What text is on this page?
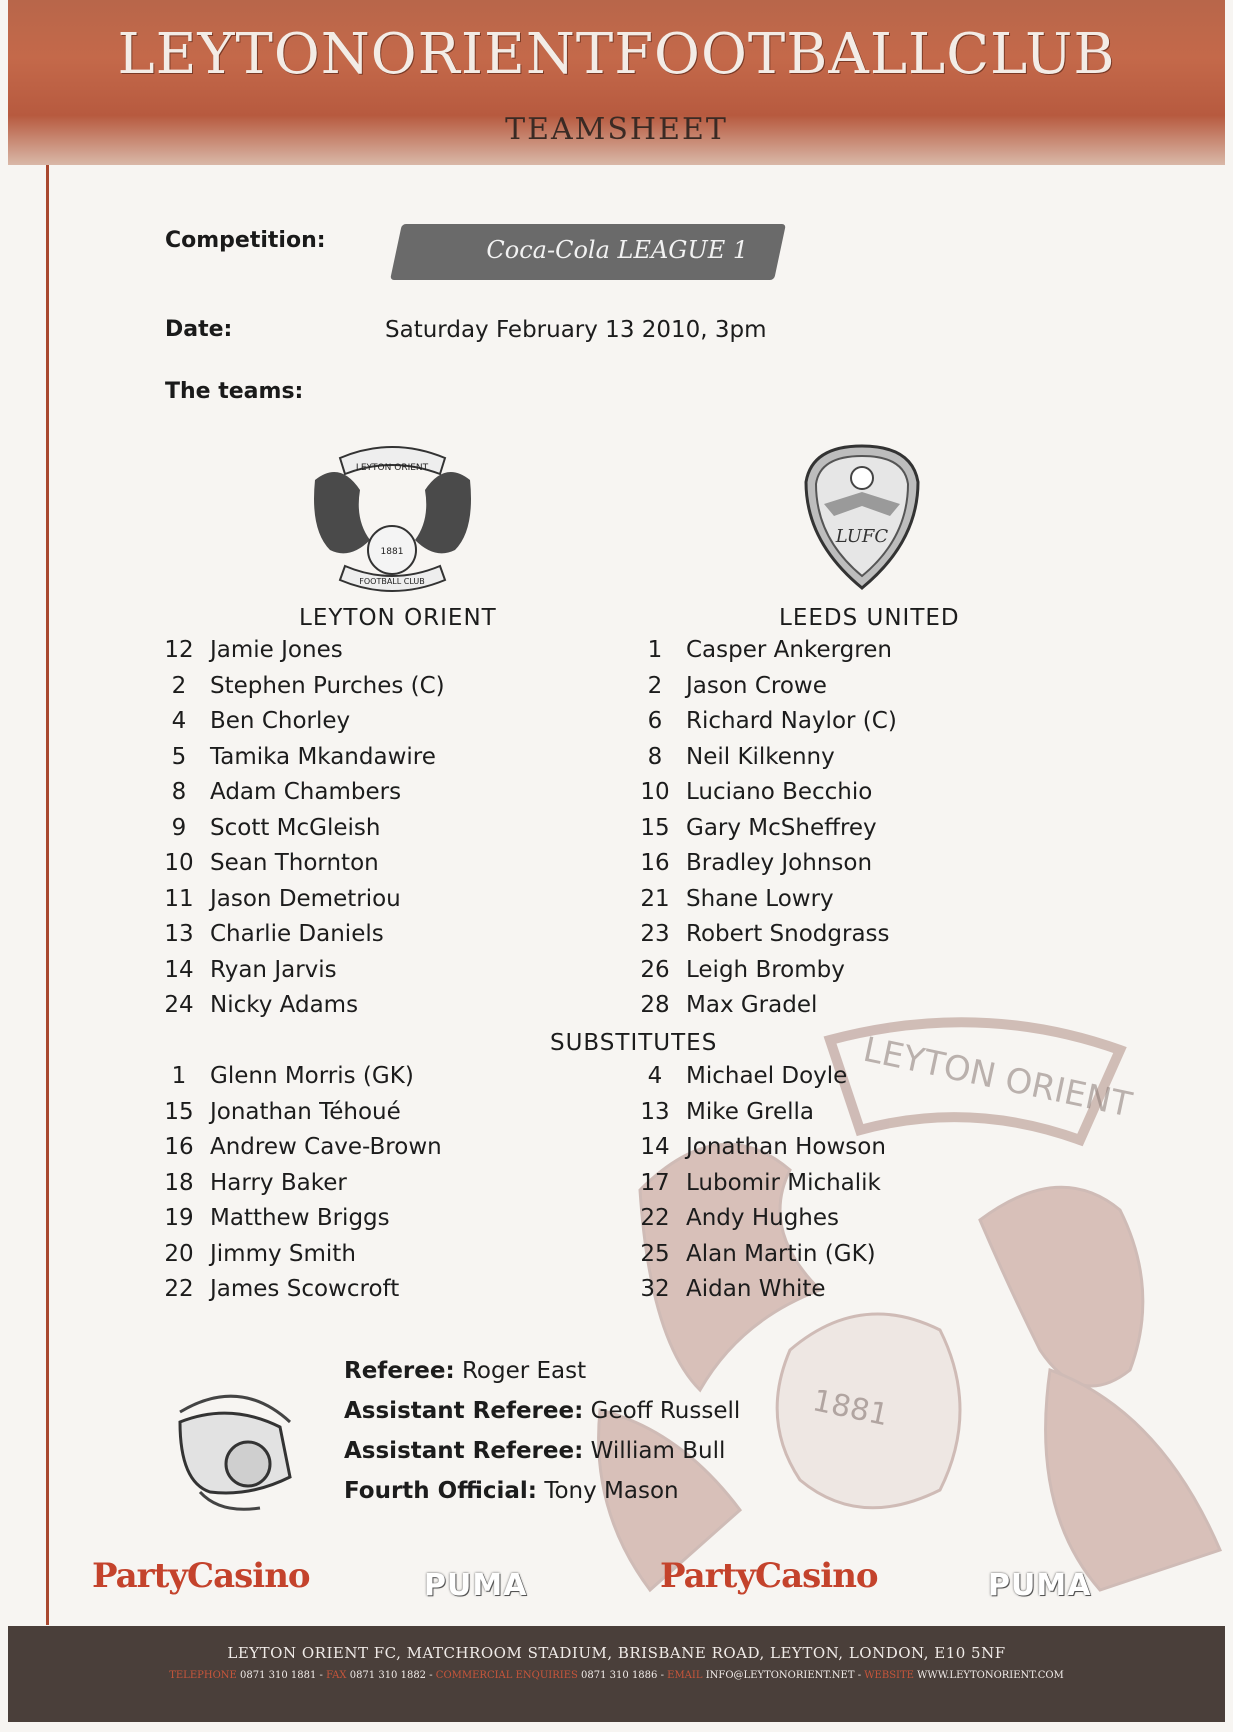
LEYTONORIENTFOOTBALLCLUB
TEAMSHEET
LEYTON ORIENT
1881
Competition:	Coca-Cola LEAGUE 1
Date:	Saturday February 13 2010, 3pm
The teams:
LEYTON ORIENT
1881
FOOTBALL CLUB
LUFC
LEYTON ORIENT	LEEDS UNITED
12 Jamie Jones
2	Stephen Purches (C)
4	Ben Chorley
5	Tamika Mkandawire
8	Adam Chambers
9	Scott McGleish
10 Sean Thornton
11 Jason Demetriou
13 Charlie Daniels
14 Ryan Jarvis
24 Nicky Adams
1	Casper Ankergren
2	Jason Crowe
6	Richard Naylor (C)
8	Neil Kilkenny
10 Luciano Becchio
15 Gary McSheffrey
16 Bradley Johnson
21 Shane Lowry
23 Robert Snodgrass
26 Leigh Bromby
28 Max Gradel
SUBSTITUTES
1	Glenn Morris (GK)
15 Jonathan Téhoué
16 Andrew Cave-Brown
18 Harry Baker
19 Matthew Briggs
20 Jimmy Smith
22 James Scowcroft
4	Michael Doyle
13 Mike Grella
14 Jonathan Howson
17 Lubomir Michalik
22 Andy Hughes
25 Alan Martin (GK)
32 Aidan White
Referee: Roger East
Assistant Referee: Geoff Russell
Assistant Referee: William Bull
Fourth Official: Tony Mason
PartyCasino	PUMA	PartyCasino	PUMA
LEYTON ORIENT FC, MATCHROOM STADIUM, BRISBANE ROAD, LEYTON, LONDON, E10 5NF
TELEPHONE 0871 310 1881 - FAX 0871 310 1882 - COMMERCIAL ENQUIRIES 0871 310 1886 - EMAIL INFO@LEYTONORIENT.NET - WEBSITE WWW.LEYTONORIENT.COM
